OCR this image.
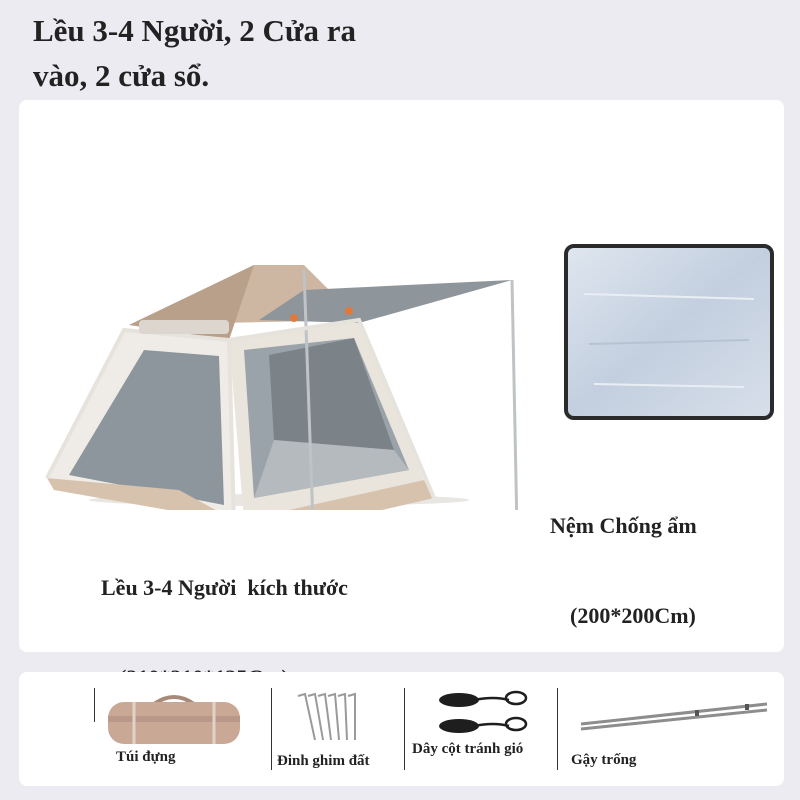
Lều 3-4 Người, 2 Cửa ra
vào, 2 cửa sổ.

Lều 3-4 Người  kích thước

Nệm Chống ẩm

(200*200Cm)

Túi đựng	Đinh ghim đất
Dây cột tránh gió
Gậy trống
